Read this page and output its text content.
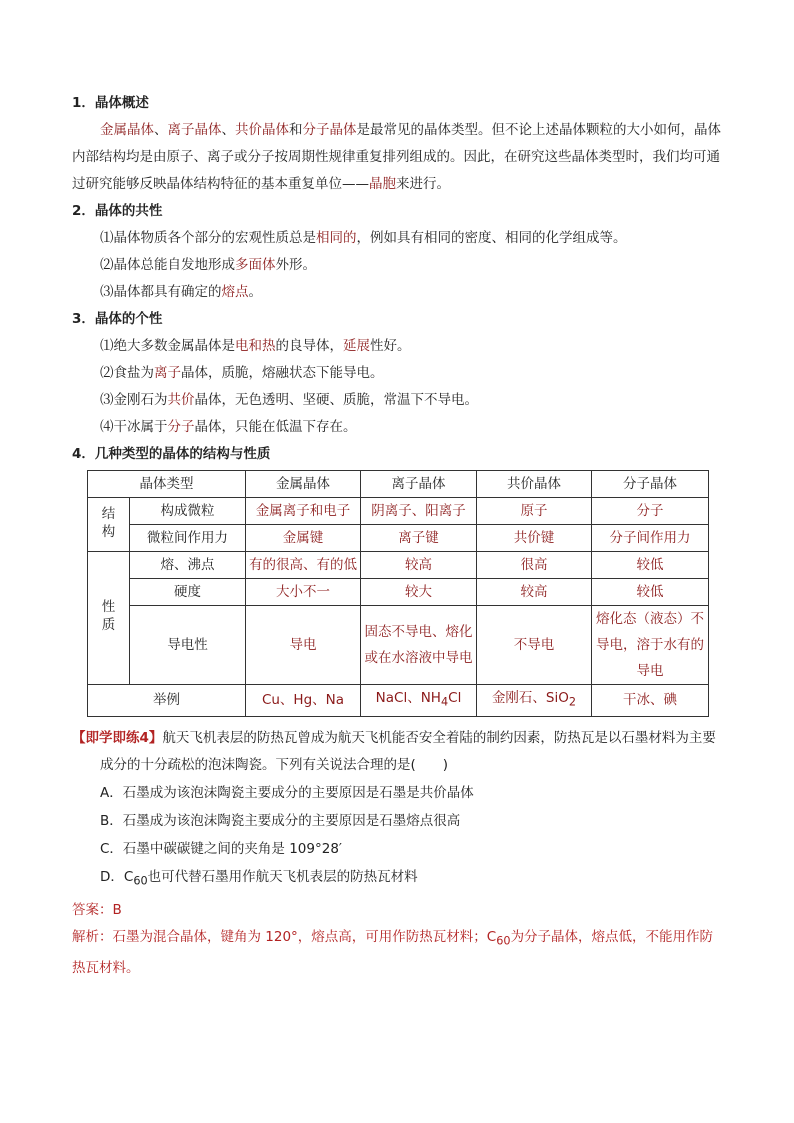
1．晶体概述

金属晶体、离子晶体、共价晶体和分子晶体是最常见的晶体类型。但不论上述晶体颗粒的大小如何，晶体内部结构均是由原子、离子或分子按周期性规律重复排列组成的。因此，在研究这些晶体类型时，我们均可通过研究能够反映晶体结构特征的基本重复单位——晶胞来进行。

2．晶体的共性
⑴晶体物质各个部分的宏观性质总是相同的，例如具有相同的密度、相同的化学组成等。
⑵晶体总能自发地形成多面体外形。
⑶晶体都具有确定的熔点。
3．晶体的个性
⑴绝大多数金属晶体是电和热的良导体，延展性好。
⑵食盐为离子晶体，质脆，熔融状态下能导电。
⑶金刚石为共价晶体，无色透明、坚硬、质脆，常温下不导电。
⑷干冰属于分子晶体，只能在低温下存在。
4．几种类型的晶体的结构与性质
晶体类型		金属晶体	离子晶体	共价晶体	分子晶体
结构	构成微粒	金属离子和电子	阴离子、阳离子	原子	分子
	微粒间作用力	金属键	离子键	共价键	分子间作用力
性质	熔、沸点	有的很高、有的低	较高	很高	较低
	硬度	大小不一	较大	较高	较低
	导电性	导电	固态不导电、熔化或在水溶液中导电	不导电	熔化态（液态）不导电，溶于水有的导电
举例		Cu、Hg、Na	NaCl、$NH_4Cl$	金刚石、SiO$_2$	干冰、碘
【即学即练4】航天飞机表层的防热瓦曾成为航天飞机能否安全着陆的制约因素，防热瓦是以石墨材料为主要成分的十分疏松的泡沫陶瓷。下列有关说法合理的是(　　)
A．石墨成为该泡沫陶瓷主要成分的主要原因是石墨是共价晶体
B．石墨成为该泡沫陶瓷主要成分的主要原因是石墨熔点很高
C．石墨中碳碳键之间的夹角是 109°28′
D．$C_{60}$也可代替石墨用作航天飞机表层的防热瓦材料
答案：B
解析：石墨为混合晶体，键角为 120°，熔点高，可用作防热瓦材料；$C_{60}$为分子晶体，熔点低，不能用作防热瓦材料。
